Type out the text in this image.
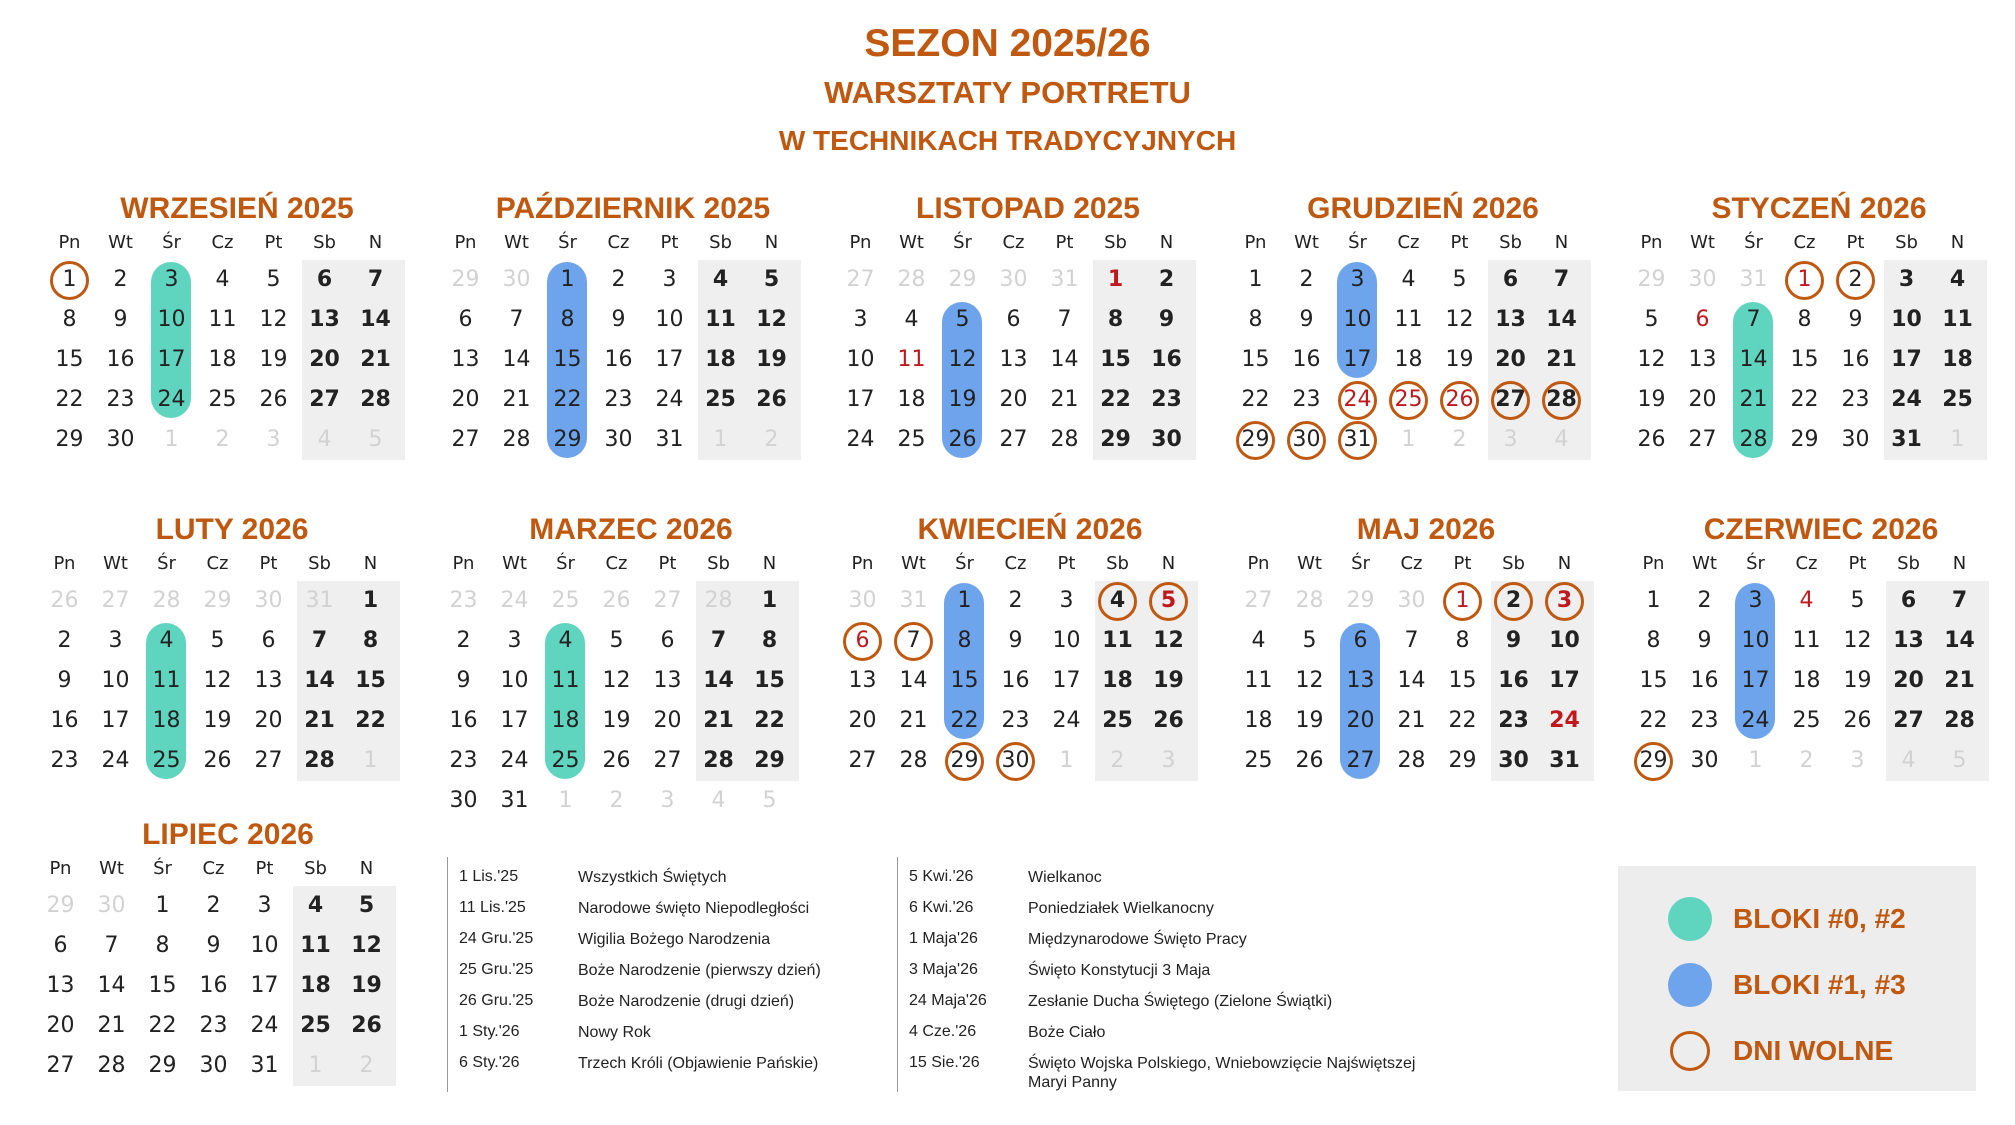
SEZON 2025/26
WARSZTATY PORTRETU
W TECHNIKACH TRADYCYJNYCH
WRZESIEŃ 2025
Pn	Wt	Śr	Cz	Pt	Sb	N
1	2	3	4	5	6	7
8	9	10	11	12 13 14
15	16	17	18	19 20 21
22	23	24	25	26 27 28
29	30	1	2	3	4	5
PAŹDZIERNIK 2025
Pn	Wt	Śr	Cz	Pt	Sb	N
29	30	1	2	3	4	5
6	7	8	9	10 11 12
13	14	15	16	17 18 19
20	21	22	23	24 25 26
27	28	29	30	31	1	2
LISTOPAD 2025
Pn	Wt	Śr	Cz	Pt	Sb	N
27	28	29	30	31	1	2
3	4	5	6	7	8	9
10	11	12	13	14 15 16
17	18	19	20	21 22 23
24	25	26	27	28 29 30
GRUDZIEŃ 2026
Pn	Wt	Śr	Cz	Pt	Sb	N
1	2	3	4	5	6	7
8	9	10	11	12 13 14
15	16	17	18	19 20 21
22	23	24	25	26 27 28
29	30	31	1	2	3	4
STYCZEŃ 2026
Pn	Wt	Śr	Cz	Pt	Sb	N
29	30	31	1	2	3	4
5	6	7	8	9	10 11
12	13	14	15	16 17 18
19	20	21	22	23 24 25
26	27	28	29	30 31	1
LUTY 2026
Pn	Wt	Śr	Cz	Pt	Sb	N
26	27	28	29	30	31	1
2	3	4	5	6	7	8
9	10	11	12	13 14 15
16	17	18	19	20 21 22
23	24	25	26	27 28	1
MARZEC 2026
Pn	Wt	Śr	Cz	Pt	Sb	N
23	24	25	26	27	28	1
2	3	4	5	6	7	8
9	10	11	12	13 14 15
16	17	18	19	20 21 22
23	24	25	26	27 28 29
30	31	1	2	3	4	5
KWIECIEŃ 2026
Pn	Wt	Śr	Cz	Pt	Sb	N
30	31	1	2	3	4	5
6	7	8	9	10 11 12
13	14	15	16	17 18 19
20	21	22	23	24 25 26
27	28	29	30	1	2	3
MAJ 2026
Pn	Wt	Śr	Cz	Pt	Sb	N
27	28	29	30	1	2	3
4	5	6	7	8	9	10
11	12	13	14	15 16 17
18	19	20	21	22 23 24
25	26	27	28	29 30 31
CZERWIEC 2026
Pn	Wt	Śr	Cz	Pt	Sb	N
1	2	3	4	5	6	7
8	9	10	11	12 13 14
15	16	17	18	19 20 21
22	23	24	25	26 27 28
29	30	1	2	3	4	5
LIPIEC 2026
Pn	Wt	Śr	Cz	Pt	Sb	N
29	30	1	2	3	4	5
6	7	8	9	10 11 12
13	14	15	16	17 18 19
20	21	22	23	24 25 26
27	28	29	30	31	1	2
1 Lis.'25	Wszystkich Świętych
11 Lis.'25	Narodowe święto Niepodległości
24 Gru.'25	Wigilia Bożego Narodzenia
25 Gru.'25	Boże Narodzenie (pierwszy dzień)
26 Gru.'25	Boże Narodzenie (drugi dzień)
1 Sty.'26	Nowy Rok
6 Sty.'26	Trzech Króli (Objawienie Pańskie)
5 Kwi.'26	Wielkanoc
6 Kwi.'26	Poniedziałek Wielkanocny
1 Maja'26	Międzynarodowe Święto Pracy
3 Maja'26	Święto Konstytucji 3 Maja
24 Maja'26	Zesłanie Ducha Świętego (Zielone Świątki)
4 Cze.'26	Boże Ciało
15 Sie.'26	Święto Wojska Polskiego, Wniebowzięcie Najświętszej Maryi Panny
BLOKI #0, #2
BLOKI #1, #3
DNI WOLNE
